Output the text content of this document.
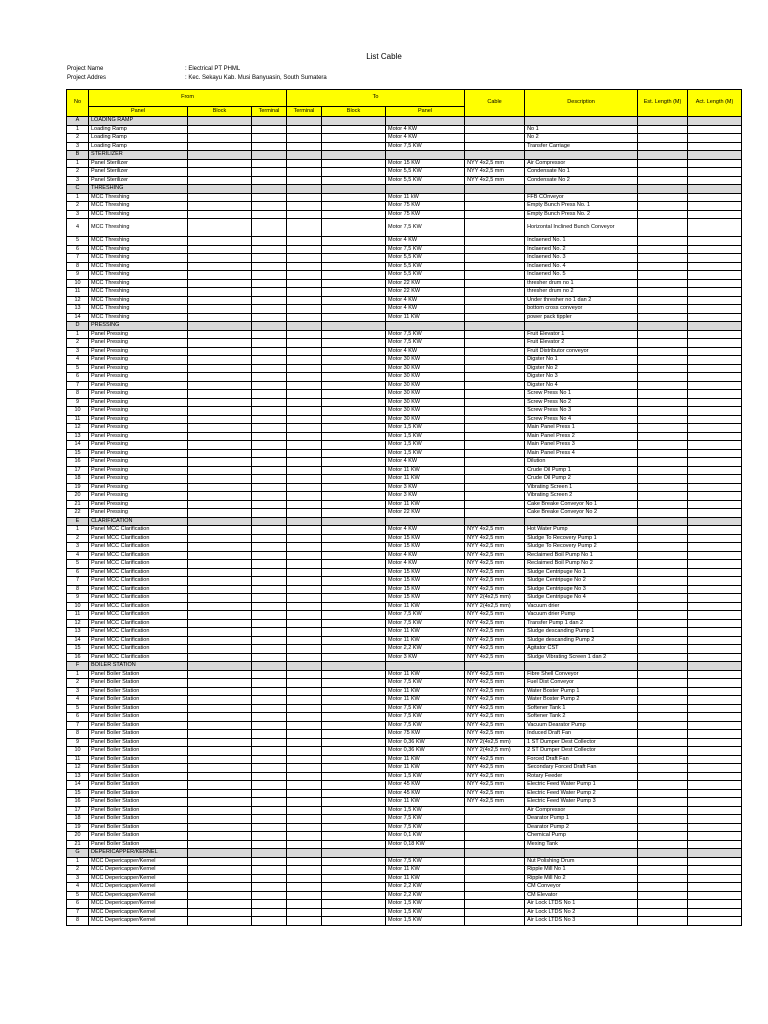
List Cable
Project Name	: Electrical PT PHML
Project Addres	: Kec. Sekayu Kab. Musi Banyuasin, South Sumatera
No	From			To			Cable	Description	Est. Length (M)	Act. Length (M)
	Panel	Block	Terminal	Terminal	Block	Panel				
A	LOADING RAMP									
1	Loading Ramp					Motor 4 KW		No 1		
2	Loading Ramp					Motor 4 KW		No 2		
3	Loading Ramp					Motor 7,5 KW		Transfer Carriage		
B	STERILIZER									
1	Panel Sterilizer					Motor 15 KW	NYY 4x2,5 mm	Air Compressor		
2	Panel Sterilizer					Motor 5,5 KW	NYY 4x2,5 mm	Condensate No 1		
3	Panel Sterilizer					Motor 5,5 KW	NYY 4x2,5 mm	Condensate No 2		
C	THRESHING									
1	MCC Threshing					Motor 11 kW		FFB COnveyor		
2	MCC Threshing					Motor 75 KW		Empty Bunch Press No. 1		
3	MCC Threshing					Motor 75 KW		Empty Bunch Press No. 2		
4	MCC Threshing					Motor 7,5 KW		Horizontal Inclined Bunch Conveyor		
5	MCC Threshing					Motor 4 KW		Inclaened No. 1		
6	MCC Threshing					Motor 7,5 KW		Inclaened No. 2		
7	MCC Threshing					Motor 5,5 KW		Inclaened No. 3		
8	MCC Threshing					Motor 5,5 KW		Inclaened No. 4		
9	MCC Threshing					Motor 5,5 KW		Inclaened No. 5		
10	MCC Threshing					Motor 22 KW		thresher drum no 1		
11	MCC Threshing					Motor 22 KW		thresher drum no 2		
12	MCC Threshing					Motor 4 KW		Under thresher no 1 dan 2		
13	MCC Threshing					Motor 4 KW		bottom cross conveyor		
14	MCC Threshing					Motor 11 KW		power pack tippler		
D	PRESSING									
1	Panel Pressing					Motor 7,5 KW		Fruit Elevator 1		
2	Panel Pressing					Motor 7,5 KW		Fruit Elevator 2		
3	Panel Pressing					Motor 4 KW		Fruit Distributor conveyor		
4	Panel Pressing					Motor 30 KW		Digster No 1		
5	Panel Pressing					Motor 30 KW		Digster No 2		
6	Panel Pressing					Motor 30 KW		Digster No 3		
7	Panel Pressing					Motor 30 KW		Digster No 4		
8	Panel Pressing					Motor 30 KW		Screw Press No 1		
9	Panel Pressing					Motor 30 KW		Screw Press No 2		
10	Panel Pressing					Motor 30 KW		Screw Press No 3		
11	Panel Pressing					Motor 30 KW		Screw Press No 4		
12	Panel Pressing					Motor 1,5 KW		Main Panel Press 1		
13	Panel Pressing					Motor 1,5 KW		Main Panel Press 2		
14	Panel Pressing					Motor 1,5 KW		Main Panel Press 3		
15	Panel Pressing					Motor 1,5 KW		Main Panel Press 4		
16	Panel Pressing					Motor 4 KW		Dilution		
17	Panel Pressing					Motor 11 KW		Crude Oil Pump 1		
18	Panel Pressing					Motor 11 KW		Crude Oil Pump 2		
19	Panel Pressing					Motor 3 KW		Vibrating Screen 1		
20	Panel Pressing					Motor 3 KW		Vibrating Screen 2		
21	Panel Pressing					Motor 11 KW		Cake Breake Conveyor No 1		
22	Panel Pressing					Motor 22 KW		Cake Breake Conveyor No 2		
E	CLARIFICATION									
1	Panel MCC Clarification					Motor 4 KW	NYY 4x2,5 mm	Hot Water Pump		
2	Panel MCC Clarification					Motor 15 KW	NYY 4x2,5 mm	Sludge To Recovery Pump 1		
3	Panel MCC Clarification					Motor 15 KW	NYY 4x2,5 mm	Sludge To Recovery Pump 2		
4	Panel MCC Clarification					Motor 4 KW	NYY 4x2,5 mm	Reclaimed Boil Pump No 1		
5	Panel MCC Clarification					Motor 4 KW	NYY 4x2,5 mm	Reclaimed Boil Pump No 2		
6	Panel MCC Clarification					Motor 15 KW	NYY 4x2,5 mm	Sludge Centripuge No 1		
7	Panel MCC Clarification					Motor 15 KW	NYY 4x2,5 mm	Sludge Centripuge No 2		
8	Panel MCC Clarification					Motor 15 KW	NYY 4x2,5 mm	Sludge Centripuge No 3		
9	Panel MCC Clarification					Motor 15 KW	NYY 2(4x2,5 mm)	Sludge Centripuge No 4		
10	Panel MCC Clarification					Motor 11 KW	NYY 2(4x2,5 mm)	Vacuum drier		
11	Panel MCC Clarification					Motor 7,5 KW	NYY 4x2,5 mm	Vacuum drier Pump		
12	Panel MCC Clarification					Motor 7,5 KW	NYY 4x2,5 mm	Transfer Pump 1 dan 2		
13	Panel MCC Clarification					Motor 11 KW	NYY 4x2,5 mm	Sludge descanding Pump 1		
14	Panel MCC Clarification					Motor 11 KW	NYY 4x2,5 mm	Sludge descanding Pump 2		
15	Panel MCC Clarification					Motor 2,2 KW	NYY 4x2,5 mm	Agitator CST		
16	Panel MCC Clarification					Motor 3 KW	NYY 4x2,5 mm	Sludge Vibrating Screen 1 dan 2		
F	BOILER STATION									
1	Panel Boiler Station					Motor 11 KW	NYY 4x2,5 mm	Fibre Shell Conveyor		
2	Panel Boiler Station					Motor 7,5 KW	NYY 4x2,5 mm	Fuel Dist Conveyor		
3	Panel Boiler Station					Motor 11 KW	NYY 4x2,5 mm	Water Boster Pump 1		
4	Panel Boiler Station					Motor 11 KW	NYY 4x2,5 mm	Water Boster Pump 2		
5	Panel Boiler Station					Motor 7,5 KW	NYY 4x2,5 mm	Softener Tank 1		
6	Panel Boiler Station					Motor 7,5 KW	NYY 4x2,5 mm	Softener Tank 2		
7	Panel Boiler Station					Motor 7,5 KW	NYY 4x2,5 mm	Vacuum Dearator Pump		
8	Panel Boiler Station					Motor 75 KW	NYY 4x2,5 mm	Induced Draft Fan		
9	Panel Boiler Station					Motor 0,36 KW	NYY 2(4x2,5 mm)	1 ST Dumper Dest Collector		
10	Panel Boiler Station					Motor 0,36 KW	NYY 2(4x2,5 mm)	2 ST Dumper Dest Collector		
11	Panel Boiler Station					Motor 11 KW	NYY 4x2,5 mm	Forced Draft Fan		
12	Panel Boiler Station					Motor 11 KW	NYY 4x2,5 mm	Secondary Forced Draft Fan		
13	Panel Boiler Station					Motor 1,5 KW	NYY 4x2,5 mm	Rotary Feeder		
14	Panel Boiler Station					Motor 45 KW	NYY 4x2,5 mm	Electric Feed Water Pump 1		
15	Panel Boiler Station					Motor 45 KW	NYY 4x2,5 mm	Electric Feed Water Pump 2		
16	Panel Boiler Station					Motor 11 KW	NYY 4x2,5 mm	Electric Feed Water Pump 3		
17	Panel Boiler Station					Motor 1,5 KW		Air Compressor		
18	Panel Boiler Station					Motor 7,5 KW		Dearator Pump 1		
19	Panel Boiler Station					Motor 7,5 KW		Dearator Pump 2		
20	Panel Boiler Station					Motor 0,1 KW		Chemical Pump		
21	Panel Boiler Station					Motor 0,18 KW		Mexing Tank		
G	DEPERICAPPER/KERNEL									
1	MCC Depericapper/Kernel					Motor 7,5 KW		Nut Polishing Drum		
2	MCC Depericapper/Kernel					Motor 11 KW		Ripple Mill No 1		
3	MCC Depericapper/Kernel					Motor 11 KW		Ripple Mill No 2		
4	MCC Depericapper/Kernel					Motor 2,2 KW		CM Conveyor		
5	MCC Depericapper/Kernel					Motor 2,2 KW		CM Elevator		
6	MCC Depericapper/Kernel					Motor 1,5 KW		Air Lock LTDS No 1		
7	MCC Depericapper/Kernel					Motor 1,5 KW		Air Lock LTDS No 2		
8	MCC Depericapper/Kernel					Motor 1,5 KW		Air Lock LTDS No 3		
